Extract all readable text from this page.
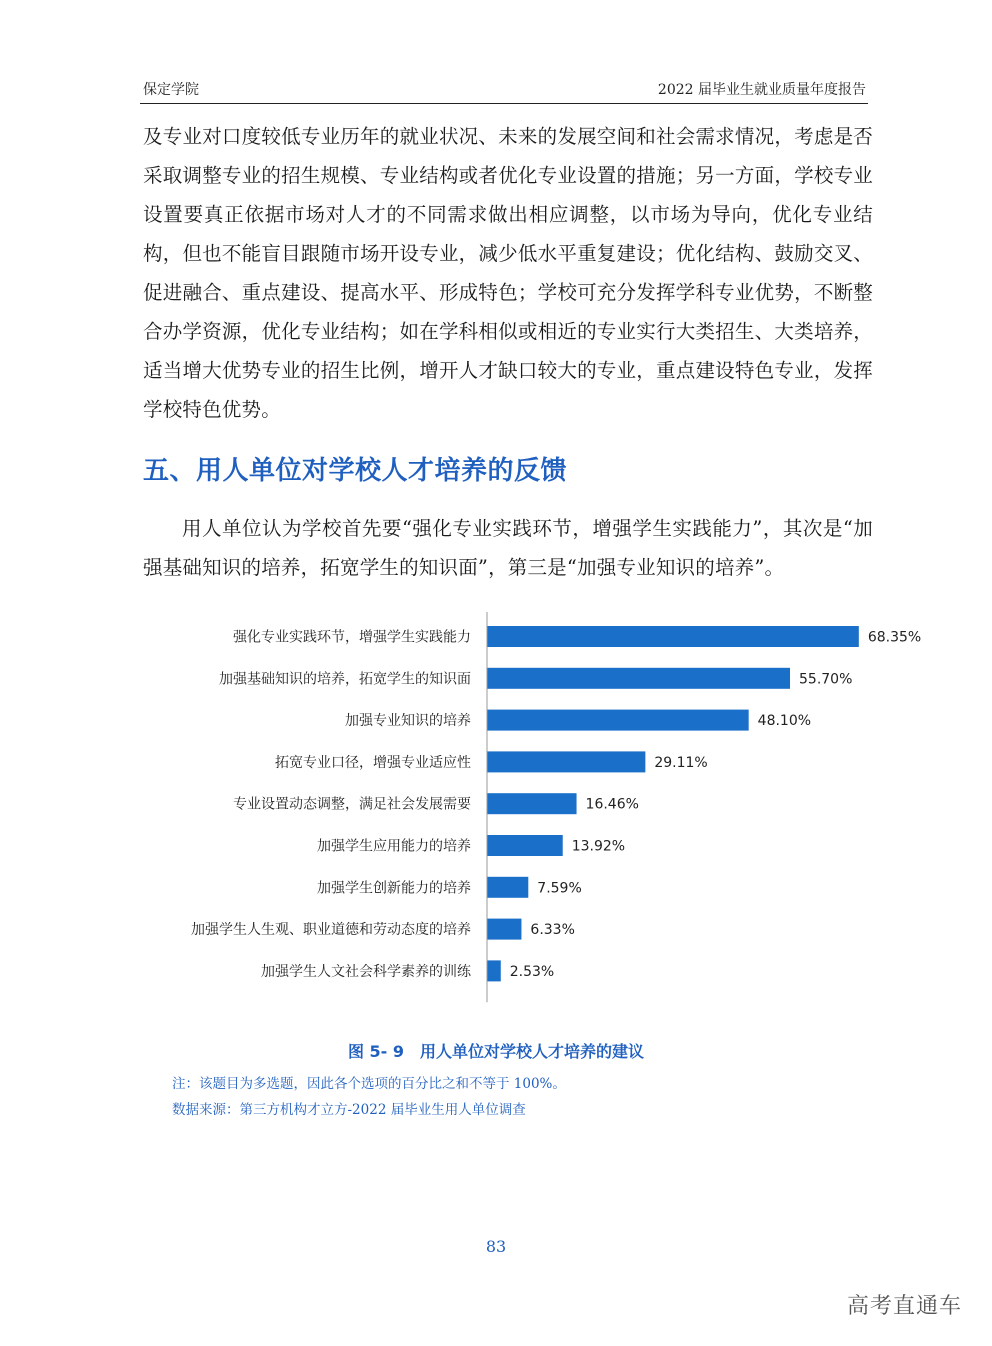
保定学院	2022 届毕业生就业质量年度报告

及专业对口度较低专业历年的就业状况、未来的发展空间和社会需求情况，考虑是否采取调整专业的招生规模、专业结构或者优化专业设置的措施；另一方面，学校专业设置要真正依据市场对人才的不同需求做出相应调整，以市场为导向，优化专业结构，但也不能盲目跟随市场开设专业，减少低水平重复建设；优化结构、鼓励交叉、促进融合、重点建设、提高水平、形成特色；学校可充分发挥学科专业优势，不断整合办学资源，优化专业结构；如在学科相似或相近的专业实行大类招生、大类培养，适当增大优势专业的招生比例，增开人才缺口较大的专业，重点建设特色专业，发挥学校特色优势。

五、用人单位对学校人才培养的反馈

用人单位认为学校首先要“强化专业实践环节，增强学生实践能力”，其次是“加强基础知识的培养，拓宽学生的知识面”，第三是“加强专业知识的培养”。

强化专业实践环节，增强学生实践能力
加强基础知识的培养，拓宽学生的知识面
加强专业知识的培养
拓宽专业口径，增强专业适应性
专业设置动态调整，满足社会发展需要
加强学生应用能力的培养
加强学生创新能力的培养
加强学生人生观、职业道德和劳动态度的培养
加强学生人文社会科学素养的训练
68.35%
55.70%
48.10%
29.11%
16.46%
13.92%
7.59%
6.33%
2.53%

图 5- 9　用人单位对学校人才培养的建议

注：该题目为多选题，因此各个选项的百分比之和不等于 100%。

数据来源：第三方机构才立方-2022 届毕业生用人单位调查

83

高考直通车
